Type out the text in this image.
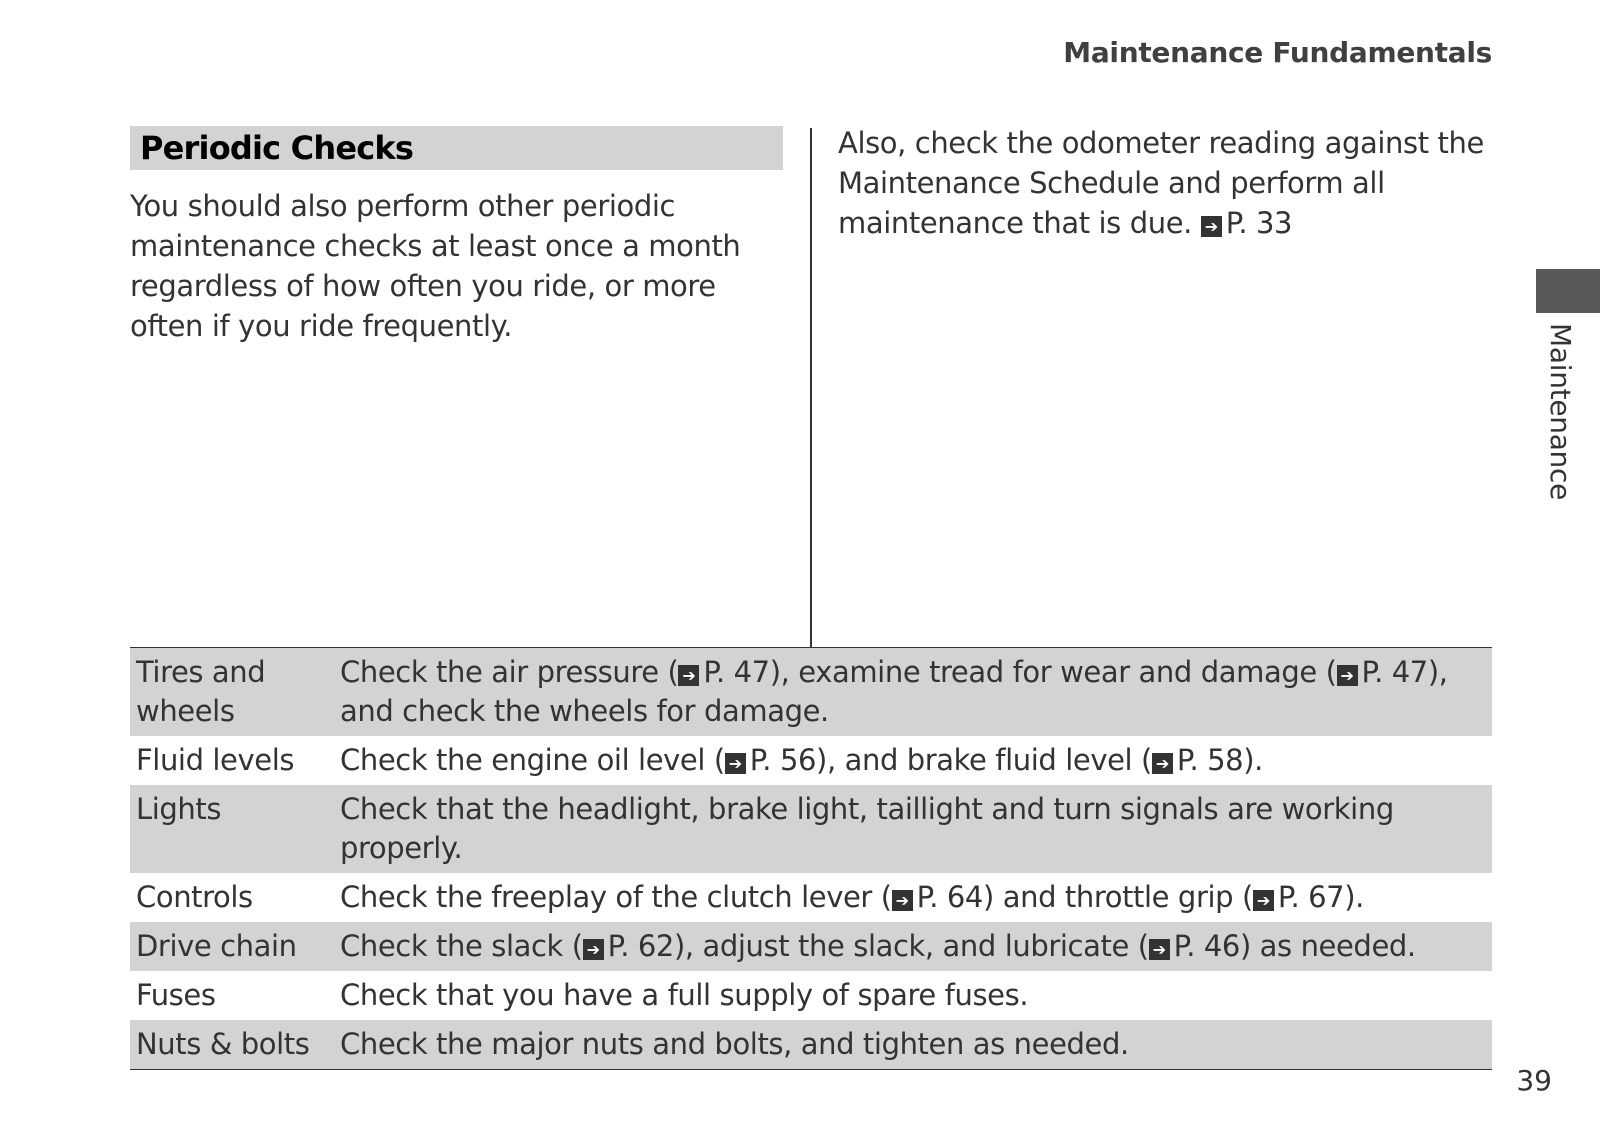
Maintenance Fundamentals
Periodic Checks
You should also perform other periodic maintenance checks at least once a month regardless of how often you ride, or more often if you ride frequently.
Also, check the odometer reading against the Maintenance Schedule and perform all maintenance that is due. ➔ P. 33
Tires and wheels	Check the air pressure ( ➔ P. 47), examine tread for wear and damage ( ➔ P. 47), and check the wheels for damage.
Fluid levels	Check the engine oil level ( ➔ P. 56), and brake fluid level ( ➔ P. 58).
Lights	Check that the headlight, brake light, taillight and turn signals are working properly.
Controls	Check the freeplay of the clutch lever ( ➔ P. 64) and throttle grip ( ➔ P. 67).
Drive chain	Check the slack ( ➔ P. 62), adjust the slack, and lubricate ( ➔ P. 46) as needed.
Fuses	Check that you have a full supply of spare fuses.
Nuts & bolts	Check the major nuts and bolts, and tighten as needed.
Maintenance
39
